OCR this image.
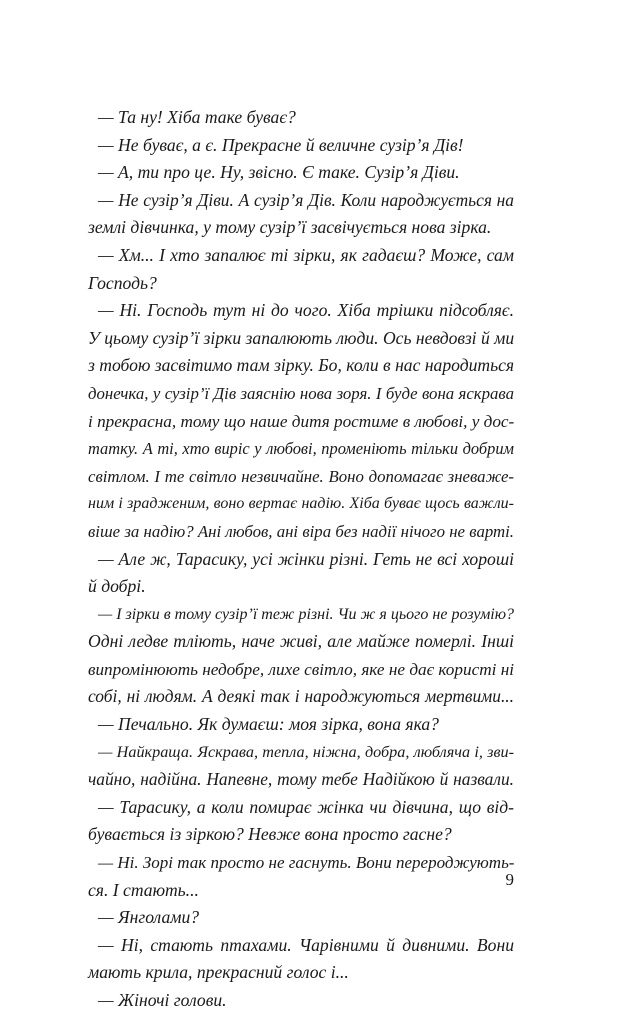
— Та ну! Хіба таке буває?
— Не буває, а є. Прекрасне й величне сузір’я Дів!
— А, ти про це. Ну, звісно. Є таке. Сузір’я Діви.
— Не сузір’я Діви. А сузір’я Дів. Коли народжується на
землі дівчинка, у тому сузір’ї засвічується нова зірка.
— Хм... І хто запалює ті зірки, як гадаєш? Може, сам
Господь?
— Ні. Господь тут ні до чого. Хіба трішки підсобляє.
У цьому сузір’ї зірки запалюють люди. Ось невдовзі й ми
з тобою засвітимо там зірку. Бо, коли в нас народиться
донечка, у сузір’ї Дів заяснію нова зоря. І буде вона яскрава
і прекрасна, тому що наше дитя ростиме в любові, у дос-
татку. А ті, хто виріс у любові, променіють тільки добрим
світлом. І те світло незвичайне. Воно допомагає зневаже-
ним і зрадженим, воно вертає надію. Хіба буває щось важли-
віше за надію? Ані любов, ані віра без надії нічого не варті.
— Але ж, Тарасику, усі жінки різні. Геть не всі хороші
й добрі.
— І зірки в тому сузір’ї теж різні. Чи ж я цього не розумію?
Одні ледве тліють, наче живі, але майже померлі. Інші
випромінюють недобре, лихе світло, яке не дає користі ні
собі, ні людям. А деякі так і народжуються мертвими...
— Печально. Як думаєш: моя зірка, вона яка?
— Найкраща. Яскрава, тепла, ніжна, добра, любляча і, зви-
чайно, надійна. Напевне, тому тебе Надійкою й назвали.
— Тарасику, а коли помирає жінка чи дівчина, що від-
бувається із зіркою? Невже вона просто гасне?
— Ні. Зорі так просто не гаснуть. Вони перероджують-
ся. І стають...
— Янголами?
— Ні, стають птахами. Чарівними й дивними. Вони
мають крила, прекрасний голос і...
— Жіночі голови.
9
